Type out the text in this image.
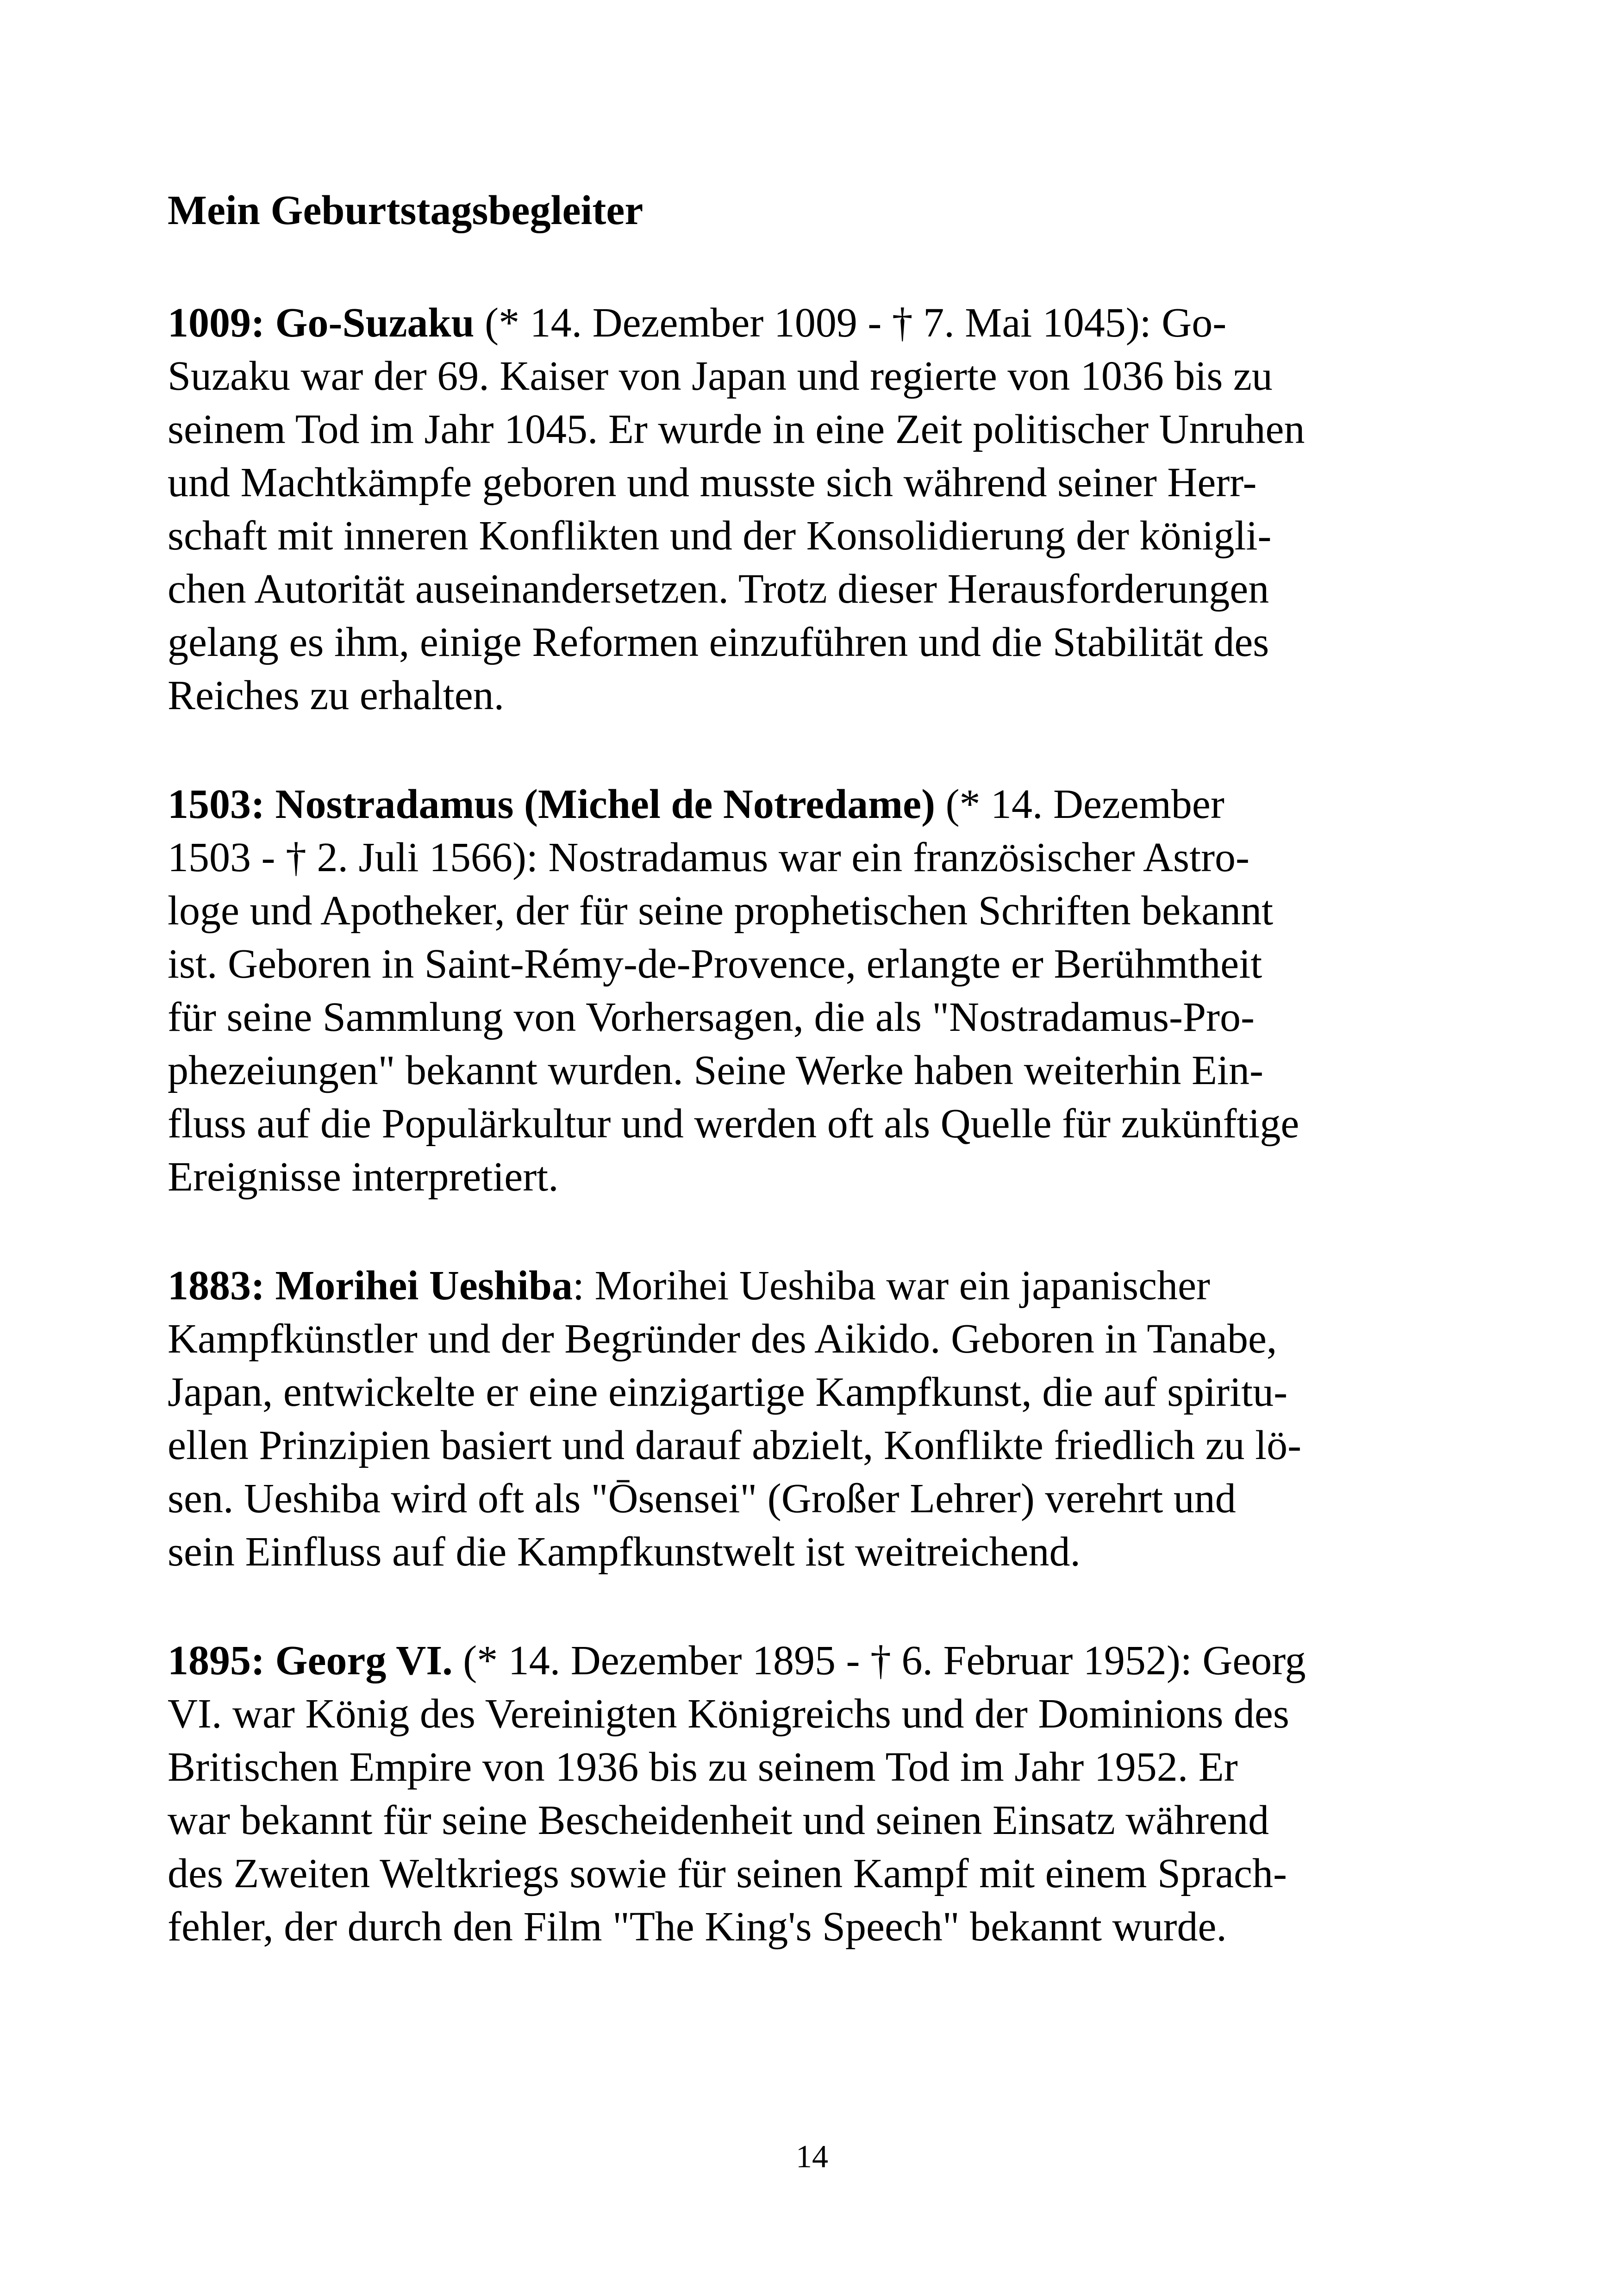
Mein Geburtstagsbegleiter

1009: Go-Suzaku (* 14. Dezember 1009 - † 7. Mai 1045): Go-
Suzaku war der 69. Kaiser von Japan und regierte von 1036 bis zu
seinem Tod im Jahr 1045. Er wurde in eine Zeit politischer Unruhen
und Machtkämpfe geboren und musste sich während seiner Herr-
schaft mit inneren Konflikten und der Konsolidierung der königli-
chen Autorität auseinandersetzen. Trotz dieser Herausforderungen
gelang es ihm, einige Reformen einzuführen und die Stabilität des
Reiches zu erhalten.

1503: Nostradamus (Michel de Notredame) (* 14. Dezember
1503 - † 2. Juli 1566): Nostradamus war ein französischer Astro-
loge und Apotheker, der für seine prophetischen Schriften bekannt
ist. Geboren in Saint-Rémy-de-Provence, erlangte er Berühmtheit
für seine Sammlung von Vorhersagen, die als "Nostradamus-Pro-
phezeiungen" bekannt wurden. Seine Werke haben weiterhin Ein-
fluss auf die Populärkultur und werden oft als Quelle für zukünftige
Ereignisse interpretiert.

1883: Morihei Ueshiba: Morihei Ueshiba war ein japanischer
Kampfkünstler und der Begründer des Aikido. Geboren in Tanabe,
Japan, entwickelte er eine einzigartige Kampfkunst, die auf spiritu-
ellen Prinzipien basiert und darauf abzielt, Konflikte friedlich zu lö-
sen. Ueshiba wird oft als "Ōsensei" (Großer Lehrer) verehrt und
sein Einfluss auf die Kampfkunstwelt ist weitreichend.

1895: Georg VI. (* 14. Dezember 1895 - † 6. Februar 1952): Georg
VI. war König des Vereinigten Königreichs und der Dominions des
Britischen Empire von 1936 bis zu seinem Tod im Jahr 1952. Er
war bekannt für seine Bescheidenheit und seinen Einsatz während
des Zweiten Weltkriegs sowie für seinen Kampf mit einem Sprach-
fehler, der durch den Film "The King's Speech" bekannt wurde.

14
